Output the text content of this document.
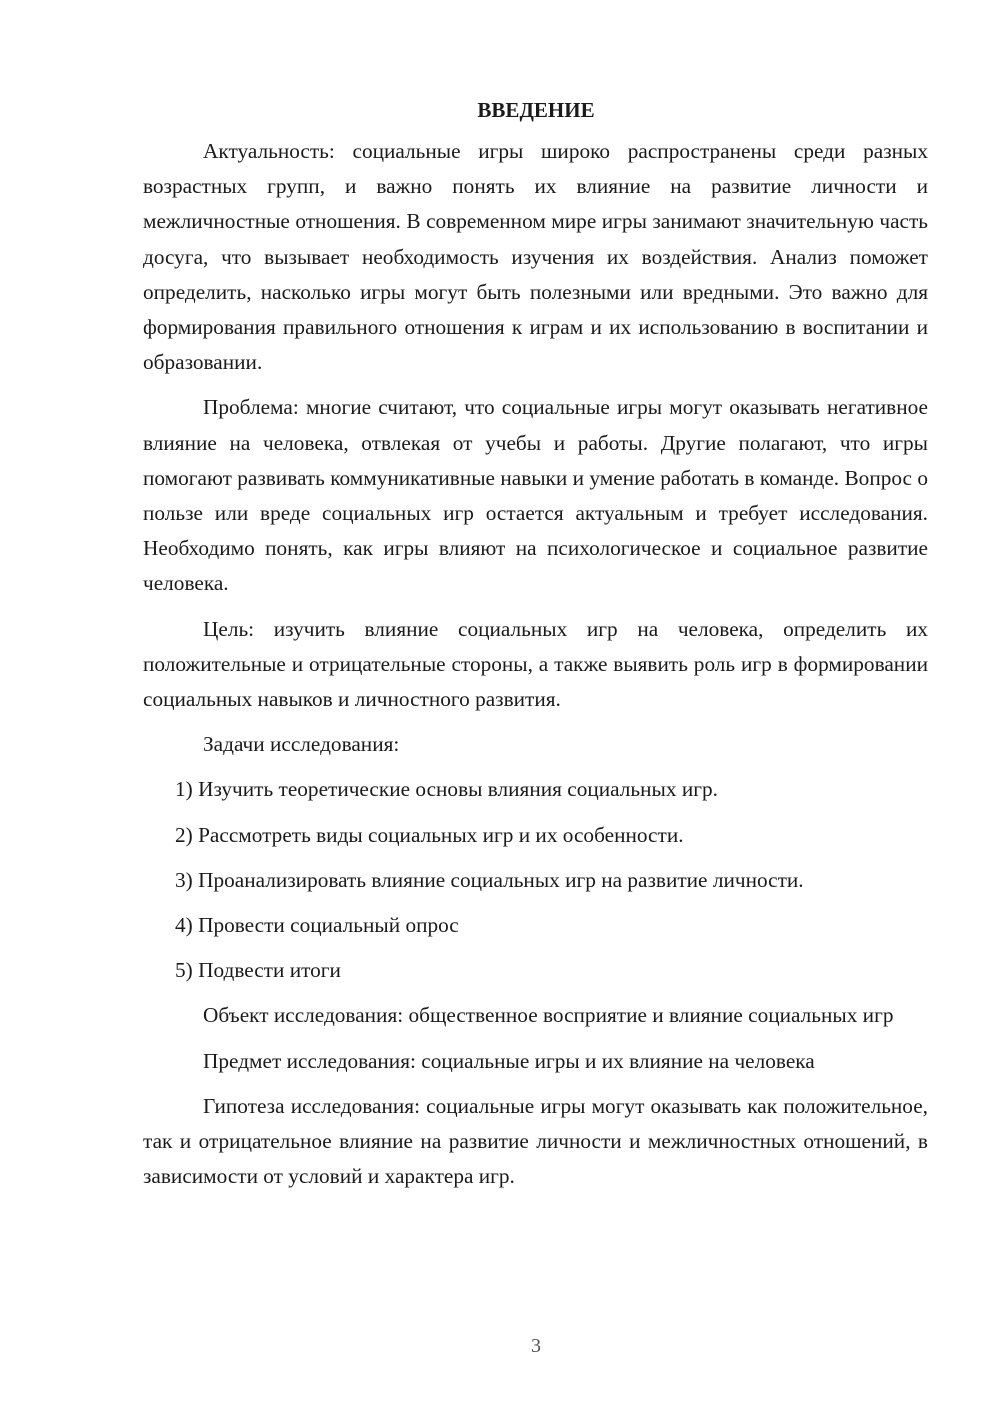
ВВЕДЕНИЕ

Актуальность: социальные игры широко распространены среди разных возрастных групп, и важно понять их влияние на развитие личности и межличностные отношения. В современном мире игры занимают значительную часть досуга, что вызывает необходимость изучения их воздействия. Анализ поможет определить, насколько игры могут быть полезными или вредными. Это важно для формирования правильного отношения к играм и их использованию в воспитании и образовании.

Проблема: многие считают, что социальные игры могут оказывать негативное влияние на человека, отвлекая от учебы и работы. Другие полагают, что игры помогают развивать коммуникативные навыки и умение работать в команде. Вопрос о пользе или вреде социальных игр остается актуальным и требует исследования. Необходимо понять, как игры влияют на психологическое и социальное развитие человека.

Цель: изучить влияние социальных игр на человека, определить их положительные и отрицательные стороны, а также выявить роль игр в формировании социальных навыков и личностного развития.

Задачи исследования:

1) Изучить теоретические основы влияния социальных игр.
2) Рассмотреть виды социальных игр и их особенности.
3) Проанализировать влияние социальных игр на развитие личности.
4) Провести социальный опрос
5) Подвести итоги

Объект исследования: общественное восприятие и влияние социальных игр

Предмет исследования: социальные игры и их влияние на человека

Гипотеза исследования: социальные игры могут оказывать как положительное, так и отрицательное влияние на развитие личности и межличностных отношений, в зависимости от условий и характера игр.

3
